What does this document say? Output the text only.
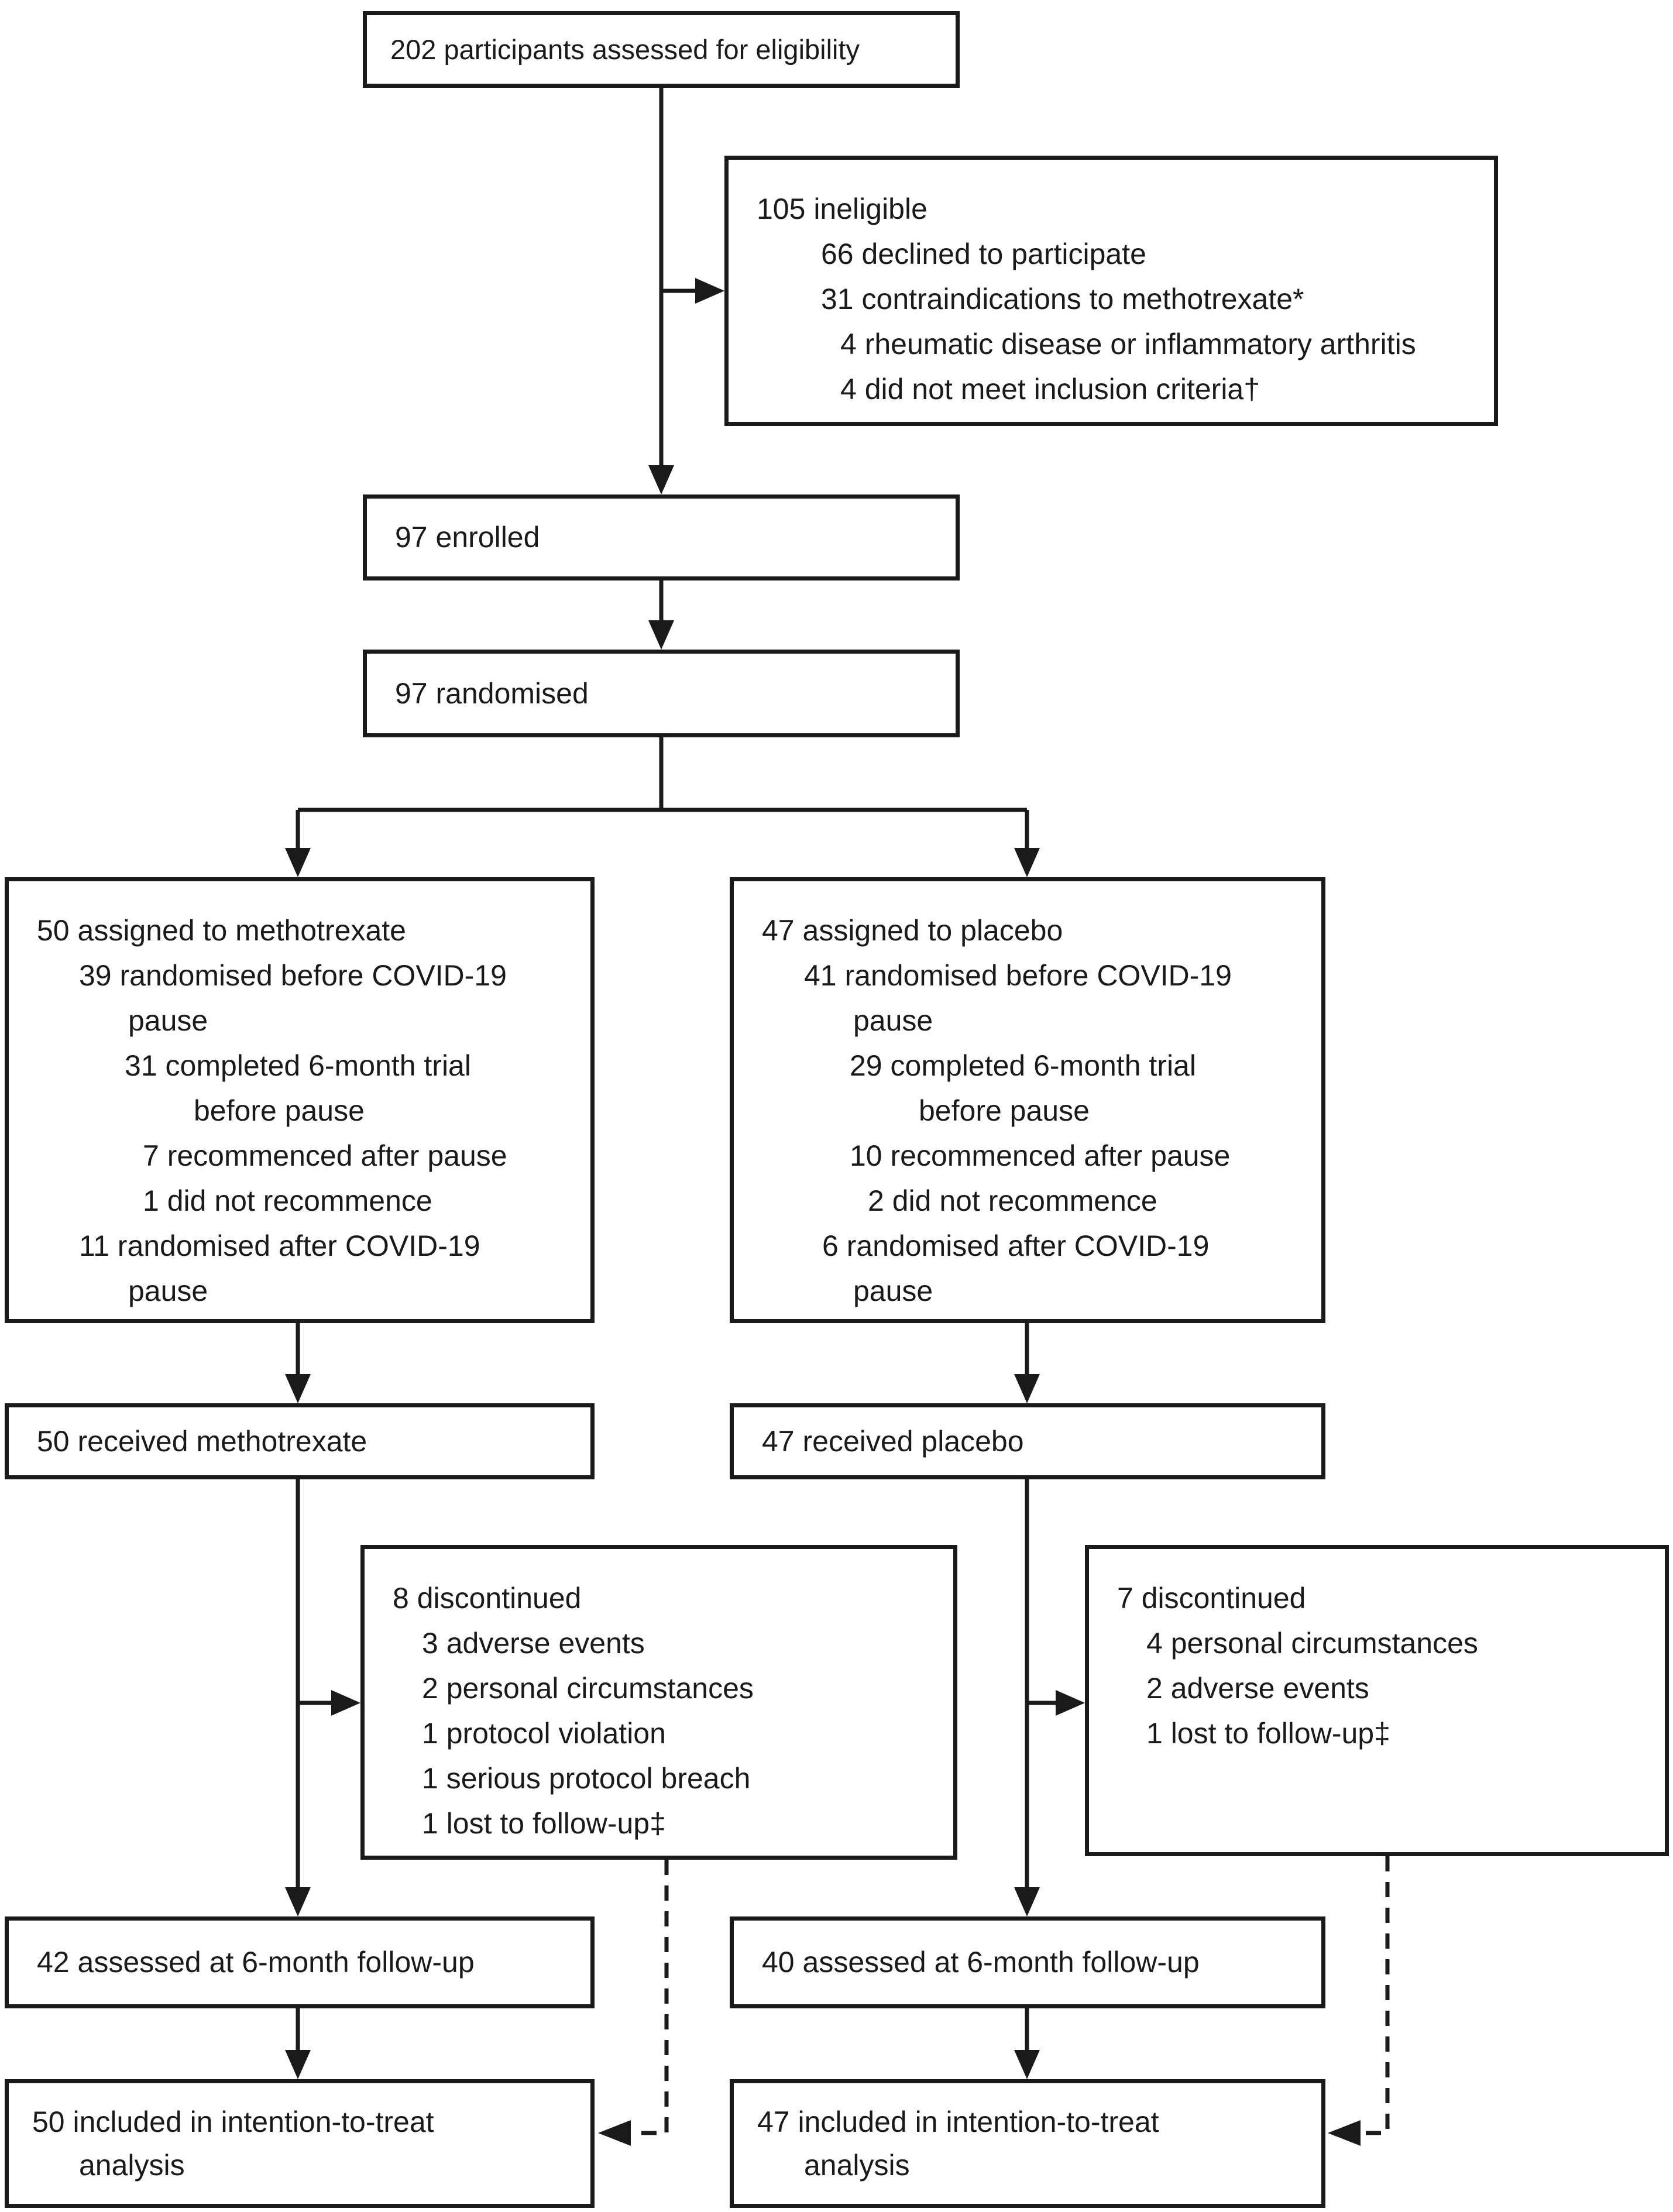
202 participants assessed for eligibility
105 ineligible
66 declined to participate
31 contraindications to methotrexate*
4 rheumatic disease or inflammatory arthritis
4 did not meet inclusion criteria†
97 enrolled
97 randomised
50 assigned to methotrexate
39 randomised before COVID-19
pause
31 completed 6-month trial
before pause
7 recommenced after pause
1 did not recommence
11 randomised after COVID-19
pause
47 assigned to placebo
41 randomised before COVID-19
pause
29 completed 6-month trial
before pause
10 recommenced after pause
2 did not recommence
6 randomised after COVID-19
pause
50 received methotrexate	47 received placebo
8 discontinued
3 adverse events
2 personal circumstances
1 protocol violation
1 serious protocol breach
1 lost to follow-up‡
7 discontinued
4 personal circumstances
2 adverse events
1 lost to follow-up‡
42 assessed at 6-month follow-up	40 assessed at 6-month follow-up
50 included in intention-to-treat
analysis
47 included in intention-to-treat
analysis
